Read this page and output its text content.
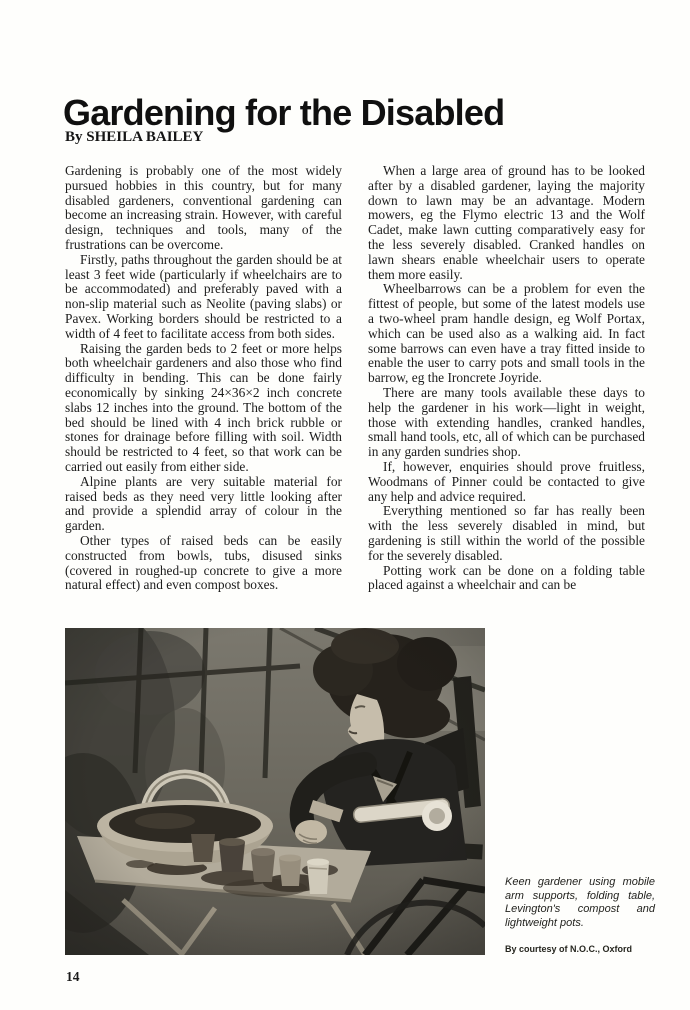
Gardening for the Disabled
By SHEILA BAILEY

Gardening is probably one of the most widely pursued hobbies in this country, but for many disabled gardeners, conventional gardening can become an increasing strain. However, with careful design, techniques and tools, many of the frustrations can be overcome.

Firstly, paths throughout the garden should be at least 3 feet wide (particularly if wheelchairs are to be accommodated) and preferably paved with a non-slip material such as Neolite (paving slabs) or Pavex. Working borders should be restricted to a width of 4 feet to facilitate access from both sides.

Raising the garden beds to 2 feet or more helps both wheelchair gardeners and also those who find difficulty in bending. This can be done fairly economically by sinking 24×36×2 inch concrete slabs 12 inches into the ground. The bottom of the bed should be lined with 4 inch brick rubble or stones for drainage before filling with soil. Width should be restricted to 4 feet, so that work can be carried out easily from either side.

Alpine plants are very suitable material for raised beds as they need very little looking after and provide a splendid array of colour in the garden.

Other types of raised beds can be easily constructed from bowls, tubs, disused sinks (covered in roughed-up concrete to give a more natural effect) and even compost boxes.

When a large area of ground has to be looked after by a disabled gardener, laying the majority down to lawn may be an advantage. Modern mowers, eg the Flymo electric 13 and the Wolf Cadet, make lawn cutting comparatively easy for the less severely disabled. Cranked handles on lawn shears enable wheelchair users to operate them more easily.

Wheelbarrows can be a problem for even the fittest of people, but some of the latest models use a two-wheel pram handle design, eg Wolf Portax, which can be used also as a walking aid. In fact some barrows can even have a tray fitted inside to enable the user to carry pots and small tools in the barrow, eg the Ironcrete Joyride.

There are many tools available these days to help the gardener in his work—light in weight, those with extending handles, cranked handles, small hand tools, etc, all of which can be purchased in any garden sundries shop.

If, however, enquiries should prove fruitless, Woodmans of Pinner could be contacted to give any help and advice required.

Everything mentioned so far has really been with the less severely disabled in mind, but gardening is still within the world of the possible for the severely disabled.

Potting work can be done on a folding table placed against a wheelchair and can be

Keen gardener using mobile arm supports, folding table, Levington's compost and lightweight pots.
By courtesy of N.O.C., Oxford
14
